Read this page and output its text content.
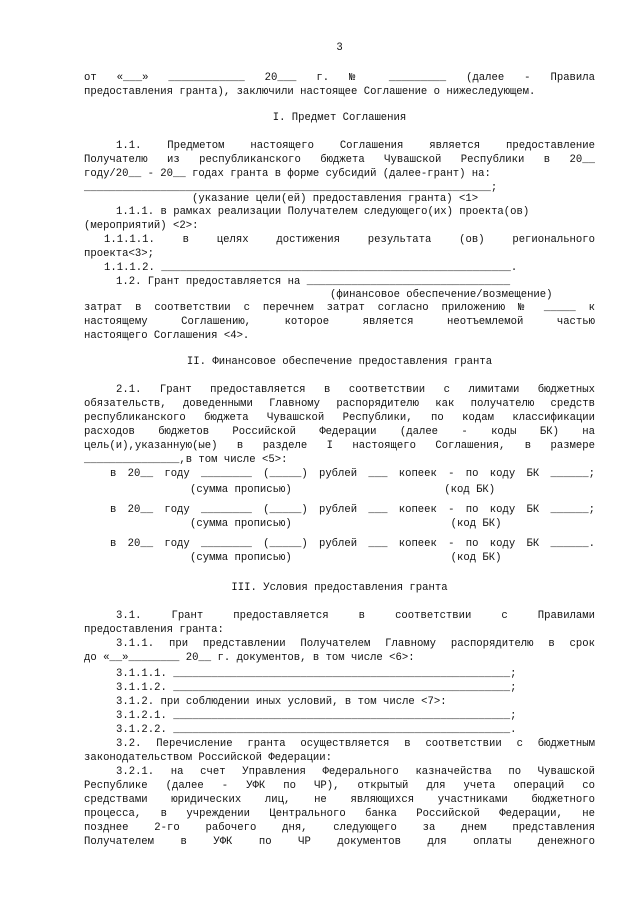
3
от «___» ____________ 20___ г. № _________ (далее - Правила
предоставления гранта), заключили настоящее Соглашение о нижеследующем.
I. Предмет Соглашения
1.1. Предметом настоящего Соглашения является предоставление
Получателю из республиканского бюджета Чувашской Республики в 20__
году/20__ - 20__ годах гранта в форме субсидий (далее-грант) на:
________________________________________________________________;
(указание цели(ей) предоставления гранта) <1>
1.1.1. в рамках реализации Получателем следующего(их) проекта(ов)
(мероприятий) <2>:
1.1.1.1. в целях достижения результата (ов) регионального
проекта<3>;
1.1.1.2. _______________________________________________________.
1.2. Грант предоставляется на ________________________________
(финансовое обеспечение/возмещение)
затрат в соответствии с перечнем затрат согласно приложению № _____ к
настоящему Соглашению, которое является неотъемлемой частью
настоящего Соглашения <4>.
II. Финансовое обеспечение предоставления гранта
2.1. Грант предоставляется в соответствии с лимитами бюджетных
обязательств, доведенными Главному распорядителю как получателю средств
республиканского бюджета Чувашской Республики, по кодам классификации
расходов бюджетов Российской Федерации (далее - коды БК) на
цель(и),указанную(ые) в разделе I настоящего Соглашения, в размере
_______________,в том числе <5>:
в 20__ году ________ (_____) рублей ___ копеек - по коду БК ______;
(сумма прописью)                        (код БК)
в 20__ году ________ (_____) рублей ___ копеек - по коду БК ______;
(сумма прописью)                         (код БК)
в 20__ году ________ (_____) рублей ___ копеек - по коду БК ______.
(сумма прописью)                         (код БК)
III. Условия предоставления гранта
3.1. Грант предоставляется в соответствии с Правилами
предоставления гранта:
3.1.1. при представлении Получателем Главному распорядителю в срок
до «__»________ 20__ г. документов, в том числе <6>:
3.1.1.1. _____________________________________________________;
3.1.1.2. _____________________________________________________;
3.1.2. при соблюдении иных условий, в том числе <7>:
3.1.2.1. _____________________________________________________;
3.1.2.2. _____________________________________________________.
3.2. Перечисление гранта осуществляется в соответствии с бюджетным
законодательством Российской Федерации:
3.2.1. на счет Управления Федерального казначейства по Чувашской
Республике (далее - УФК по ЧР), открытый для учета операций со
средствами юридических лиц, не являющихся участниками бюджетного
процесса, в учреждении Центрального банка Российской Федерации, не
позднее 2-го рабочего дня, следующего за днем представления
Получателем в УФК по ЧР документов для оплаты денежного
